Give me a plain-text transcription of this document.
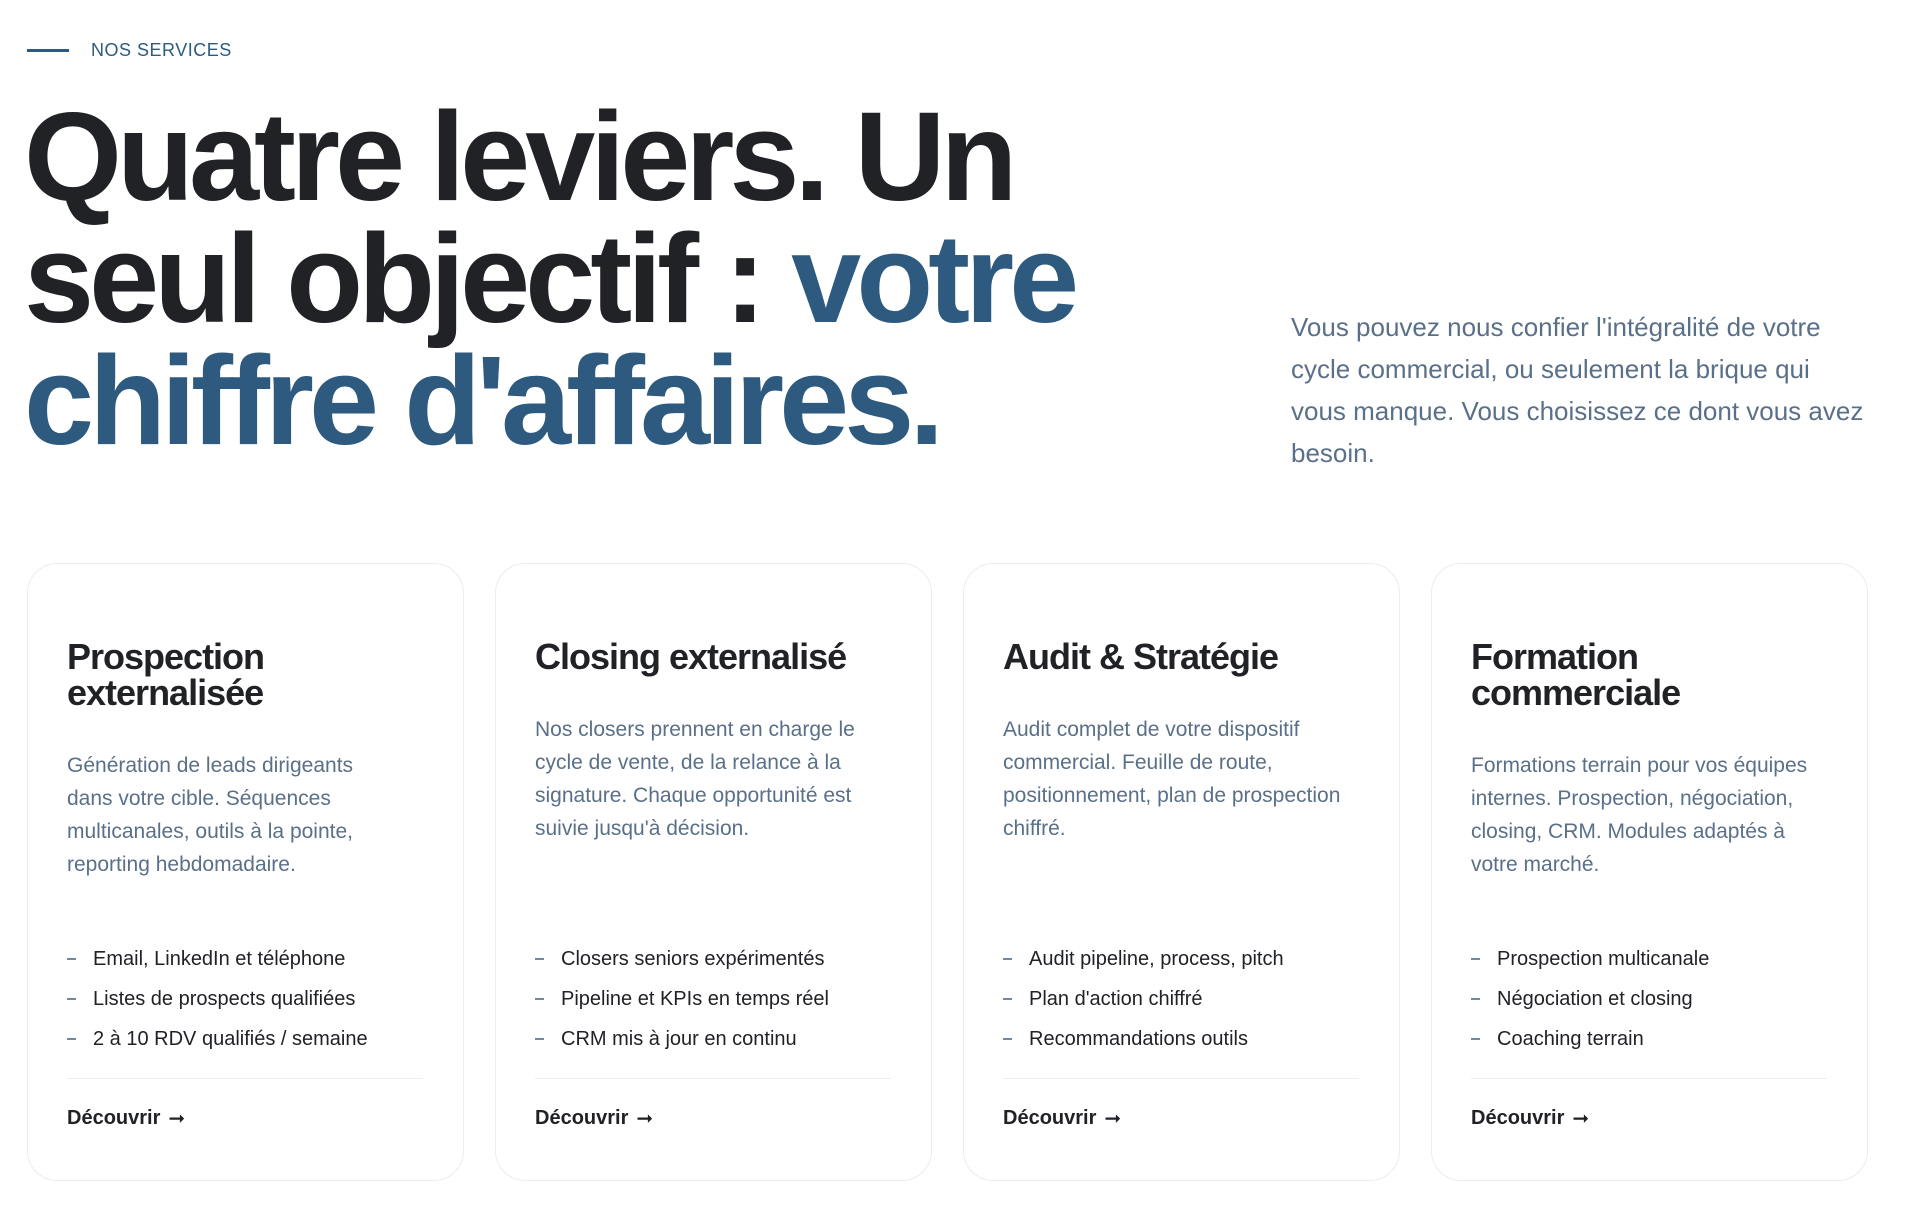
NOS SERVICES
Quatre leviers. Un seul objectif : votre chiffre d'affaires.

Vous pouvez nous confier l'intégralité de votre cycle commercial, ou seulement la brique qui vous manque. Vous choisissez ce dont vous avez besoin.

Prospection externalisée

Génération de leads dirigeants dans votre cible. Séquences multicanales, outils à la pointe, reporting hebdomadaire.

Email, LinkedIn et téléphone
Listes de prospects qualifiées
2 à 10 RDV qualifiés / semaine
Découvrir ➞
Closing externalisé

Nos closers prennent en charge le cycle de vente, de la relance à la signature. Chaque opportunité est suivie jusqu'à décision.

Closers seniors expérimentés
Pipeline et KPIs en temps réel
CRM mis à jour en continu
Découvrir ➞
Audit & Stratégie

Audit complet de votre dispositif commercial. Feuille de route, positionnement, plan de prospection chiffré.

Audit pipeline, process, pitch
Plan d'action chiffré
Recommandations outils
Découvrir ➞
Formation commerciale

Formations terrain pour vos équipes internes. Prospection, négociation, closing, CRM. Modules adaptés à votre marché.

Prospection multicanale
Négociation et closing
Coaching terrain
Découvrir ➞
